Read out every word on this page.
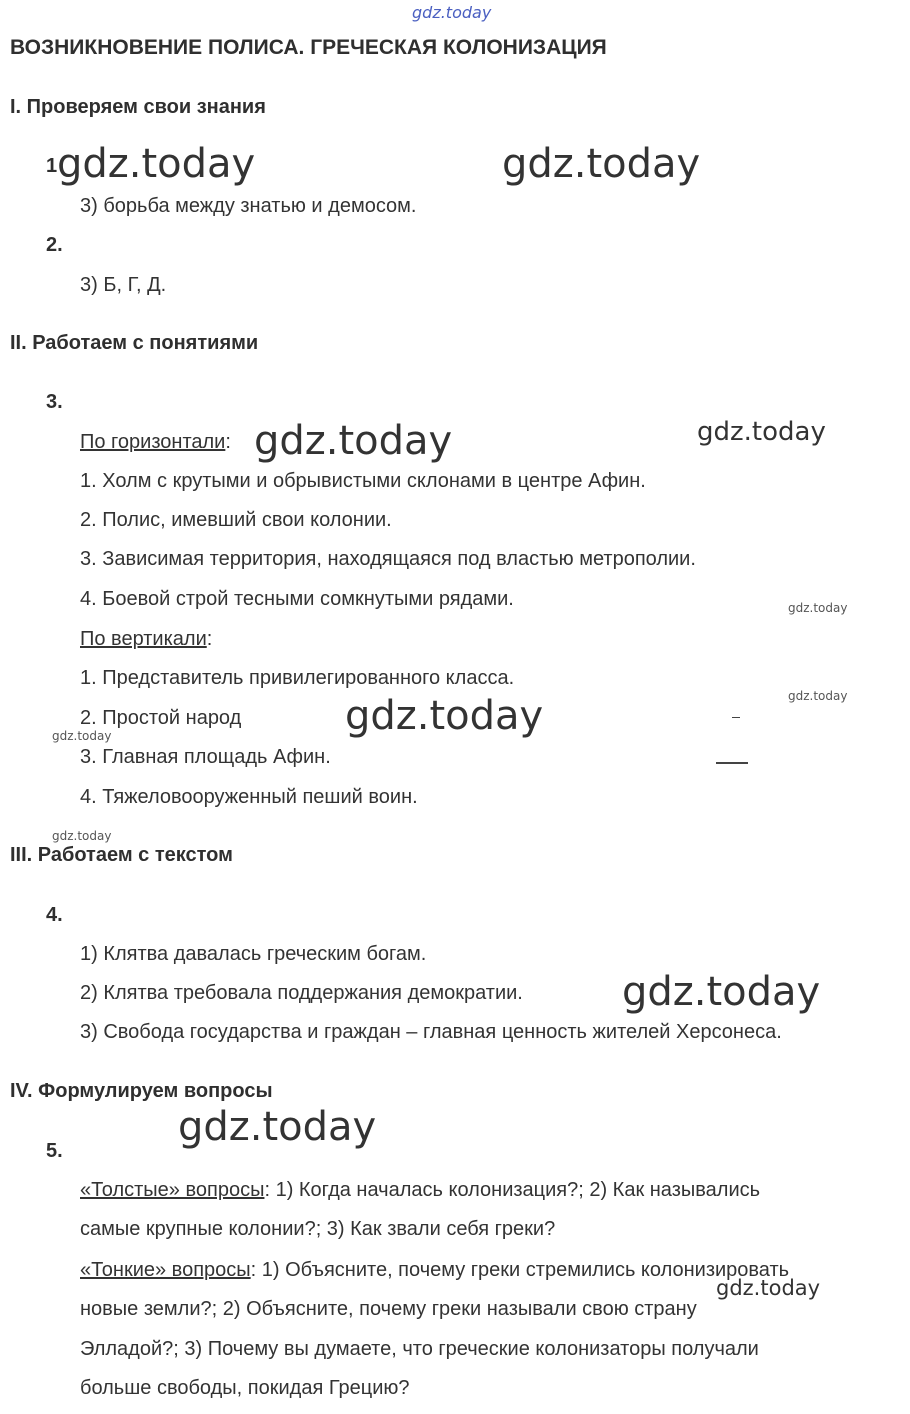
gdz.today
ВОЗНИКНОВЕНИЕ ПОЛИСА. ГРЕЧЕСКАЯ КОЛОНИЗАЦИЯ
I. Проверяем свои знания
1
3) борьба между знатью и демосом.
2.
3) Б, Г, Д.
II. Работаем с понятиями
3.
По горизонтали:
1. Холм с крутыми и обрывистыми склонами в центре Афин.
2. Полис, имевший свои колонии.
3. Зависимая территория, находящаяся под властью метрополии.
4. Боевой строй тесными сомкнутыми рядами.
По вертикали:
1. Представитель привилегированного класса.
2. Простой народ
3. Главная площадь Афин.
4. Тяжеловооруженный пеший воин.
III. Работаем с текстом
4.
1) Клятва давалась греческим богам.
2) Клятва требовала поддержания демократии.
3) Свобода государства и граждан – главная ценность жителей Херсонеса.
IV. Формулируем вопросы
5.
«Толстые» вопросы: 1) Когда началась колонизация?; 2) Как назывались
самые крупные колонии?; 3) Как звали себя греки?
«Тонкие» вопросы: 1) Объясните, почему греки стремились колонизировать
новые земли?; 2) Объясните, почему греки называли свою страну
Элладой?; 3) Почему вы думаете, что греческие колонизаторы получали
больше свободы, покидая Грецию?
gdz.today	gdz.today
gdz.today	gdz.today
gdz.today
gdz.today
gdz.today
gdz.today
gdz.today
gdz.today
gdz.today
gdz.today
